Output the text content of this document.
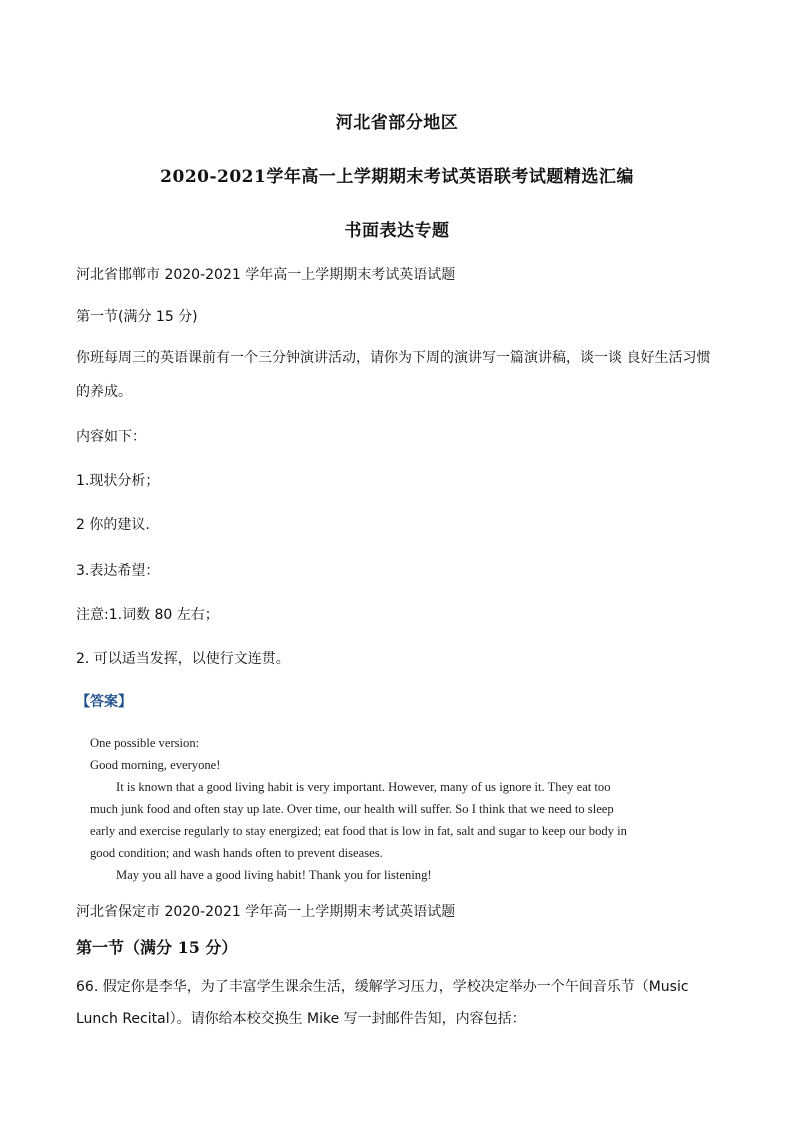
河北省部分地区
2020-2021学年高一上学期期末考试英语联考试题精选汇编
书面表达专题
河北省邯郸市 2020-2021 学年高一上学期期末考试英语试题
第一节(满分 15 分)
你班每周三的英语课前有一个三分钟演讲活动，请你为下周的演讲写一篇演讲稿，谈一谈 良好生活习惯
的养成。
内容如下：
1.现状分析；
2 你的建议.
3.表达希望：
注意:1.词数 80 左右；
2. 可以适当发挥，以使行文连贯。
【答案】
One possible version:
Good morning, everyone!
It is known that a good living habit is very important. However, many of us ignore it. They eat too
much junk food and often stay up late. Over time, our health will suffer. So I think that we need to sleep
early and exercise regularly to stay energized; eat food that is low in fat, salt and sugar to keep our body in
good condition; and wash hands often to prevent diseases.
May you all have a good living habit! Thank you for listening!
河北省保定市 2020-2021 学年高一上学期期末考试英语试题
第一节（满分 15 分）
66. 假定你是李华，为了丰富学生课余生活，缓解学习压力，学校决定举办一个午间音乐节（Music
Lunch Recital）。请你给本校交换生 Mike 写一封邮件告知，内容包括：
